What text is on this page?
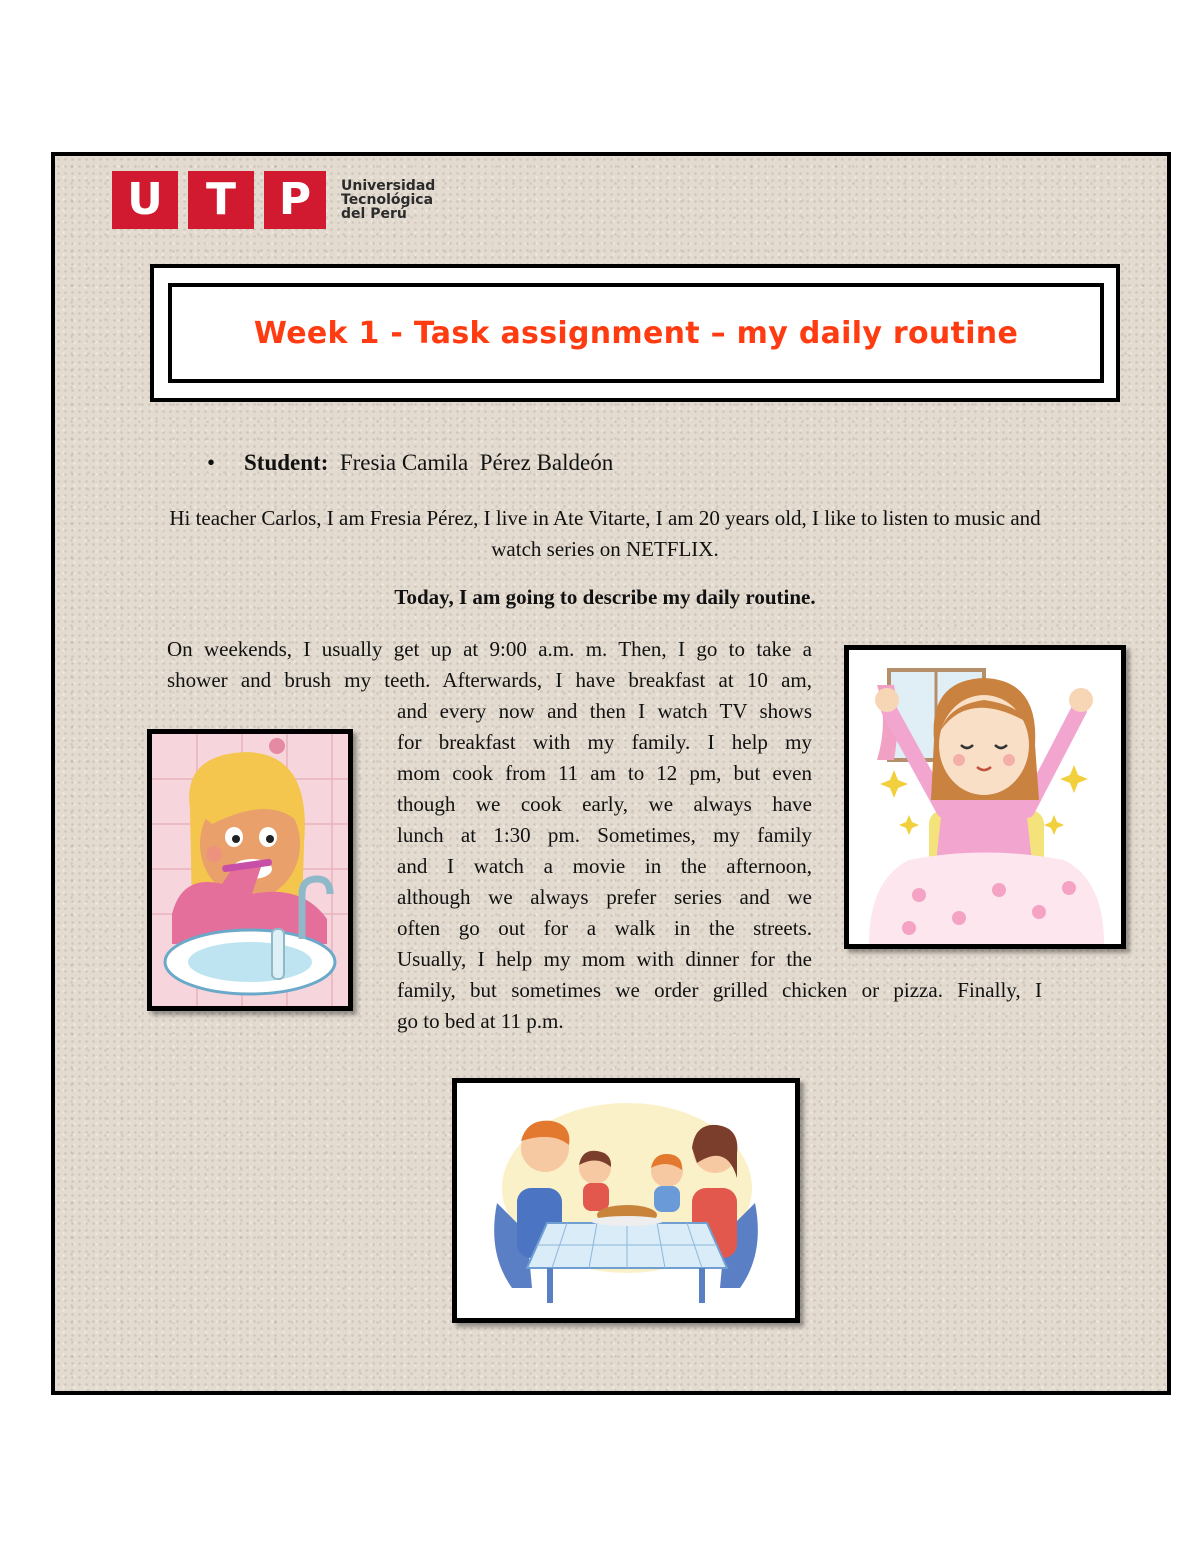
U T P Universidad
Tecnológica
del Perú
Week 1 - Task assignment – my daily routine
• Student: Fresia Camila  Pérez Baldeón
Hi teacher Carlos, I am Fresia Pérez, I live in Ate Vitarte, I am 20 years old, I like to listen to music and watch series on NETFLIX.
Today, I am going to describe my daily routine.
On weekends, I usually get up at 9:00 a.m. m. Then, I go to take a
shower and brush my teeth. Afterwards, I have breakfast at 10 am,
and every now and then I watch TV shows
for breakfast with my family. I help my
mom cook from 11 am to 12 pm, but even
though we cook early, we always have
lunch at 1:30 pm. Sometimes, my family
and I watch a movie in the afternoon,
although we always prefer series and we
often go out for a walk in the streets.
Usually, I help my mom with dinner for the
family, but sometimes we order grilled chicken or pizza. Finally, I
go to bed at 11 p.m.
